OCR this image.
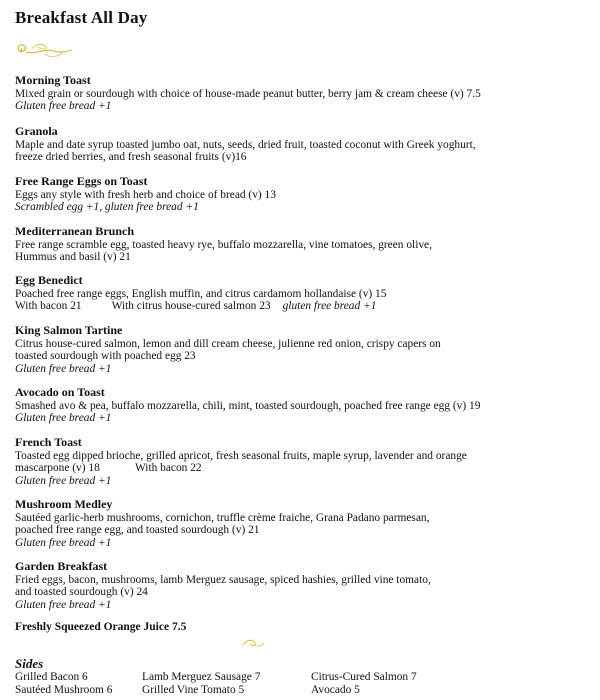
Breakfast All Day
Morning Toast
Mixed grain or sourdough with choice of house-made peanut butter, berry jam & cream cheese (v) 7.5
Gluten free bread +1
Granola
Maple and date syrup toasted jumbo oat, nuts, seeds, dried fruit, toasted coconut with Greek yoghurt,
freeze dried berries, and fresh seasonal fruits (v)16
Free Range Eggs on Toast
Eggs any style with fresh herb and choice of bread (v) 13
Scrambled egg +1, gluten free bread +1
Mediterranean Brunch
Free range scramble egg, toasted heavy rye, buffalo mozzarella, vine tomatoes, green olive,
Hummus and basil (v) 21
Egg Benedict
Poached free range eggs, English muffin, and citrus cardamom hollandaise (v) 15
With bacon 21	With citrus house-cured salmon 23 gluten free bread +1
King Salmon Tartine
Citrus house-cured salmon, lemon and dill cream cheese, julienne red onion, crispy capers on
toasted sourdough with poached egg 23
Gluten free bread +1
Avocado on Toast
Smashed avo & pea, buffalo mozzarella, chili, mint, toasted sourdough, poached free range egg (v) 19
Gluten free bread +1
French Toast
Toasted egg dipped brioche, grilled apricot, fresh seasonal fruits, maple syrup, lavender and orange
mascarpone (v) 18	With bacon 22
Gluten free bread +1
Mushroom Medley
Sautéed garlic-herb mushrooms, cornichon, truffle crème fraiche, Grana Padano parmesan,
poached free range egg, and toasted sourdough (v) 21
Gluten free bread +1
Garden Breakfast
Fried eggs, bacon, mushrooms, lamb Merguez sausage, spiced hashies, grilled vine tomato,
and toasted sourdough (v) 24
Gluten free bread +1
Freshly Squeezed Orange Juice 7.5
Sides
Grilled Bacon 6	Lamb Merguez Sausage 7	Citrus-Cured Salmon 7
Sautéed Mushroom 6	Grilled Vine Tomato 5	Avocado 5
